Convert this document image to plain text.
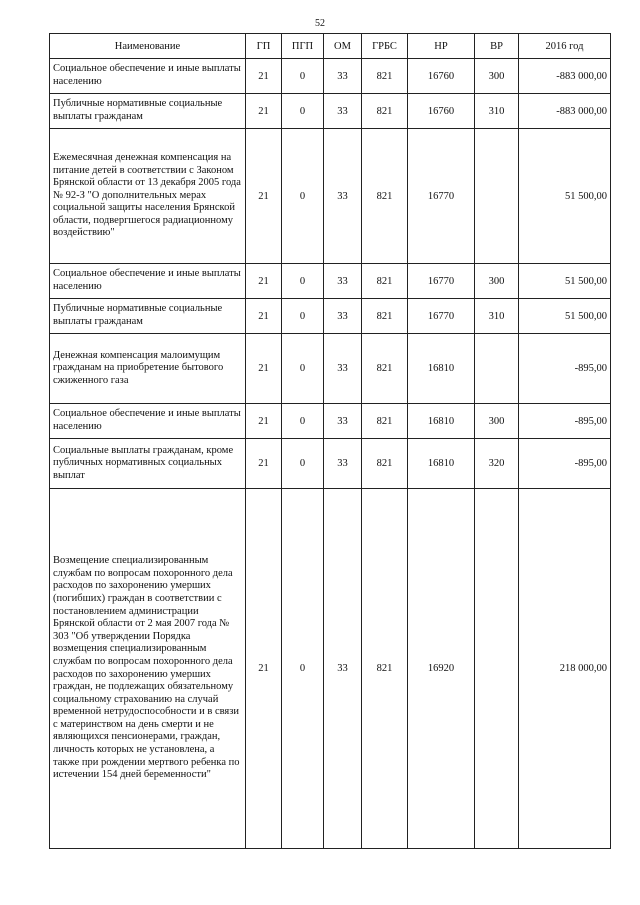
52
Наименование	ГП	ПГП	ОМ	ГРБС	НР	ВР	2016 год
Социальное обеспечение и иные выплаты населению	21	0	33	821	16760	300	-883 000,00
Публичные нормативные социальные выплаты гражданам	21	0	33	821	16760	310	-883 000,00
Ежемесячная денежная компенсация на питание детей в соответствии с Законом Брянской области от 13 декабря 2005 года № 92-З "О дополнительных мерах социальной защиты населения Брянской области, подвергшегося радиационному воздействию"	21	0	33	821	16770		51 500,00
Социальное обеспечение и иные выплаты населению	21	0	33	821	16770	300	51 500,00
Публичные нормативные социальные выплаты гражданам	21	0	33	821	16770	310	51 500,00
Денежная компенсация малоимущим гражданам на приобретение бытового сжиженного газа	21	0	33	821	16810		-895,00
Социальное обеспечение и иные выплаты населению	21	0	33	821	16810	300	-895,00
Социальные выплаты гражданам, кроме публичных нормативных социальных выплат	21	0	33	821	16810	320	-895,00
Возмещение специализированным службам по вопросам похоронного дела расходов по захоронению умерших (погибших) граждан в соответствии с постановлением администрации Брянской области от 2 мая 2007 года № 303 "Об утверждении Порядка возмещения специализированным службам по вопросам похоронного дела расходов по захоронению умерших граждан, не подлежащих обязательному социальному страхованию на случай временной нетрудоспособности и в связи с материнством на день смерти и не являющихся пенсионерами, граждан, личность которых не установлена, а также при рождении мертвого ребенка по истечении 154 дней беременности"	21	0	33	821	16920		218 000,00
